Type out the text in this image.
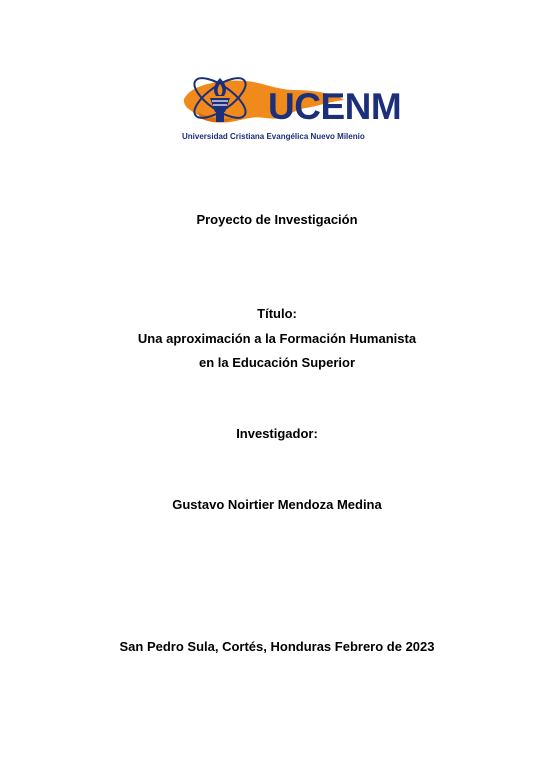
UCENM
Universidad Cristiana Evangélica Nuevo Milenio
Proyecto de Investigación
Título:
Una aproximación a la Formación Humanista
en la Educación Superior
Investigador:
Gustavo Noirtier Mendoza Medina
San Pedro Sula, Cortés, Honduras Febrero de 2023
